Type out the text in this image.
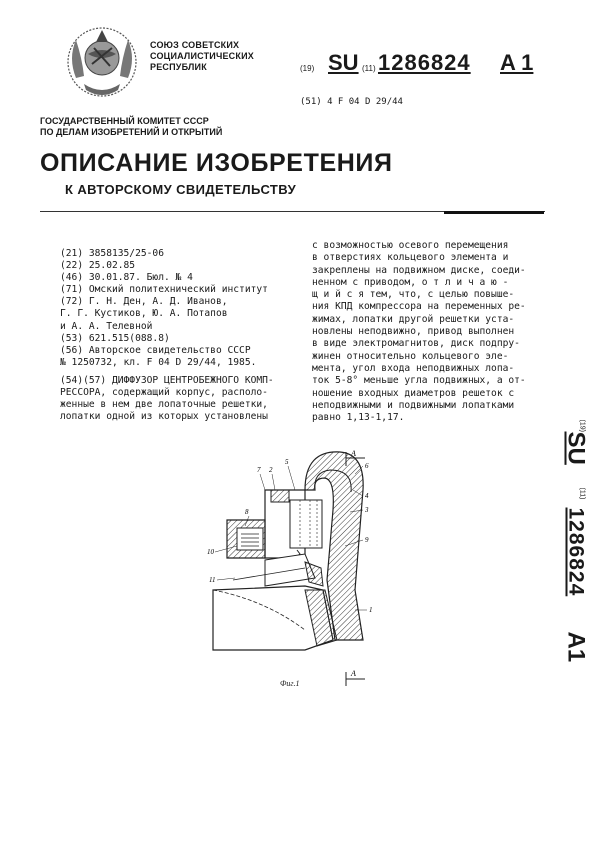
СОЮЗ СОВЕТСКИХ
СОЦИАЛИСТИЧЕСКИХ
РЕСПУБЛИК	(19) SU (11) 1286824 A 1
(51) 4 F 04 D 29/44
ГОСУДАРСТВЕННЫЙ КОМИТЕТ СССР
ПО ДЕЛАМ ИЗОБРЕТЕНИЙ И ОТКРЫТИЙ
ОПИСАНИЕ ИЗОБРЕТЕНИЯ
К АВТОРСКОМУ СВИДЕТЕЛЬСТВУ
(21) 3858135/25-06
(22) 25.02.85
(46) 30.01.87. Бюл. № 4
(71) Омский политехнический институт
(72) Г. Н. Ден, А. Д. Иванов,
Г. Г. Кустиков, Ю. А. Потапов
и А. А. Телевной
(53) 621.515(088.8)
(56) Авторское свидетельство СССР
№ 1250732, кл. F 04 D 29/44, 1985.
(54)(57) ДИФФУЗОР ЦЕНТРОБЕЖНОГО КОМП-
РЕССОРА, содержащий корпус, располо-
женные в нем две лопаточные решетки,
лопатки одной из которых установлены
с возможностью осевого перемещения
в отверстиях кольцевого элемента и
закреплены на подвижном диске, соеди-
ненном с приводом, о т л и ч а ю -
щ и й с я тем, что, с целью повыше-
ния КПД компрессора на переменных ре-
жимах, лопатки другой решетки уста-
новлены неподвижно, привод выполнен
в виде электромагнитов, диск подпру-
жинен относительно кольцевого эле-
мента, угол входа неподвижных лопа-
ток 5-8° меньше угла подвижных, а от-
ношение входных диаметров решеток с
неподвижными и подвижными лопатками
равно 1,13-1,17.
(19)
SU
(11)
1286824
A1
А
А
7 2
5	6
8	3
4
9
10
11
1
Фиг.1
